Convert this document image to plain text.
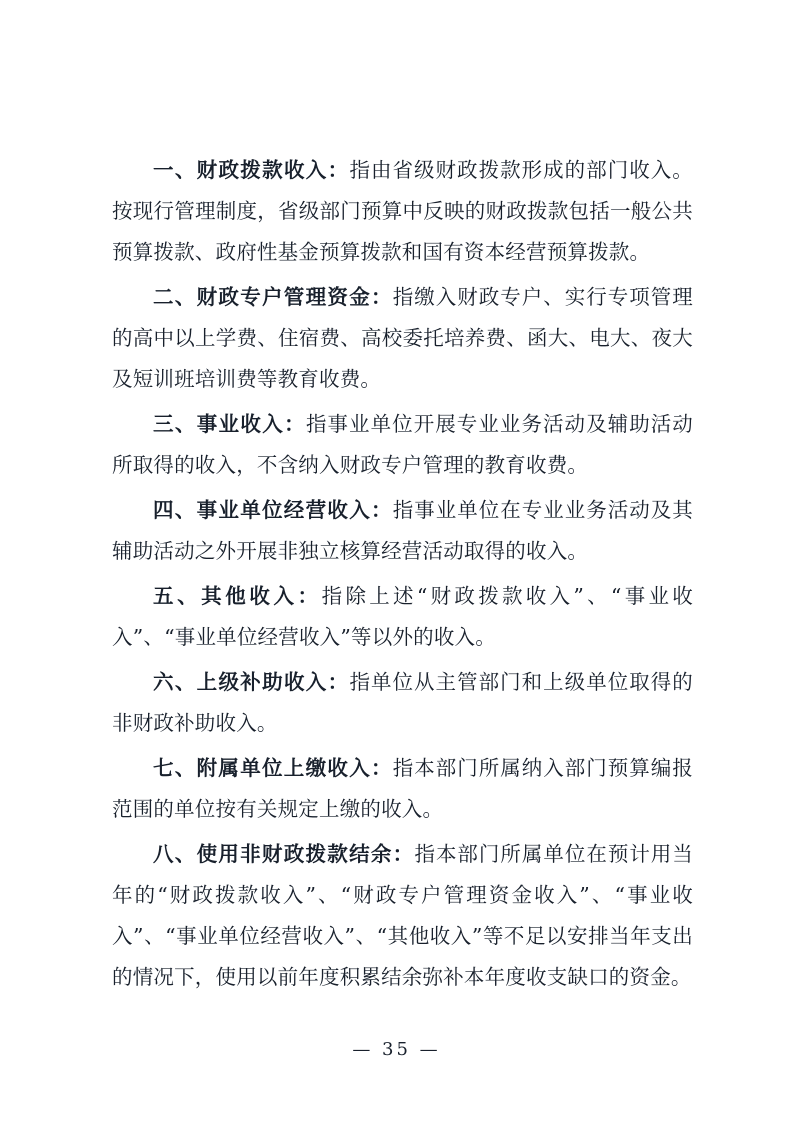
一、财政拨款收入：指由省级财政拨款形成的部门收入。按现行管理制度，省级部门预算中反映的财政拨款包括一般公共预算拨款、政府性基金预算拨款和国有资本经营预算拨款。

二、财政专户管理资金：指缴入财政专户、实行专项管理的高中以上学费、住宿费、高校委托培养费、函大、电大、夜大及短训班培训费等教育收费。

三、事业收入：指事业单位开展专业业务活动及辅助活动所取得的收入，不含纳入财政专户管理的教育收费。

四、事业单位经营收入：指事业单位在专业业务活动及其辅助活动之外开展非独立核算经营活动取得的收入。

五、其他收入：指除上述“财政拨款收入”、“事业收入”、“事业单位经营收入”等以外的收入。

六、上级补助收入：指单位从主管部门和上级单位取得的非财政补助收入。

七、附属单位上缴收入：指本部门所属纳入部门预算编报范围的单位按有关规定上缴的收入。

八、使用非财政拨款结余：指本部门所属单位在预计用当年的“财政拨款收入”、“财政专户管理资金收入”、“事业收入”、“事业单位经营收入”、“其他收入”等不足以安排当年支出的情况下，使用以前年度积累结余弥补本年度收支缺口的资金。

— 35 —
